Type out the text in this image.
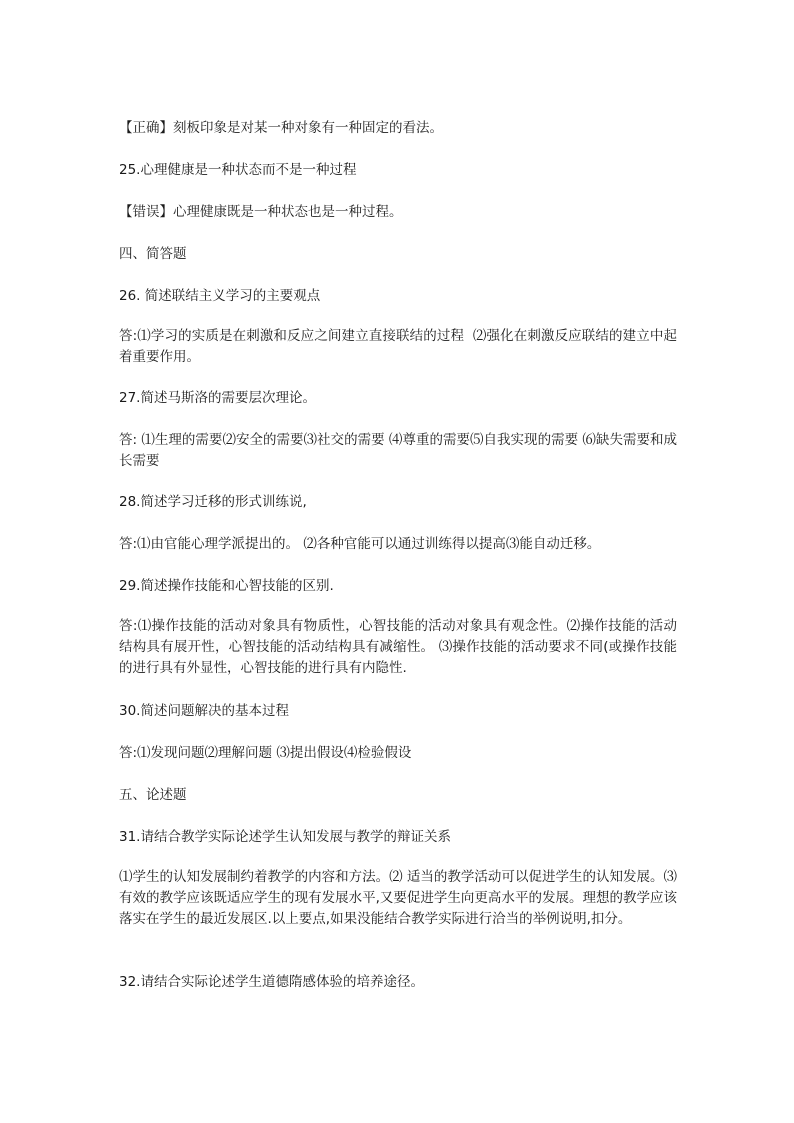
【正确】刻板印象是对某一种对象有一种固定的看法。

25.心理健康是一种状态而不是一种过程

【错误】心理健康既是一种状态也是一种过程。

四、简答题

26. 简述联结主义学习的主要观点

答:⑴学习的实质是在刺激和反应之间建立直接联结的过程  ⑵强化在刺激反应联结的建立中起着重要作用。

27.简述马斯洛的需要层次理论。

答: ⑴生理的需要⑵安全的需要⑶社交的需要 ⑷尊重的需要⑸自我实现的需要 ⑹缺失需要和成长需要

28.简述学习迁移的形式训练说,

答:⑴由官能心理学派提出的。 ⑵各种官能可以通过训练得以提高⑶能自动迁移。

29.简述操作技能和心智技能的区别.

答:⑴操作技能的活动对象具有物质性，心智技能的活动对象具有观念性。⑵操作技能的活动结构具有展开性，心智技能的活动结构具有减缩性。 ⑶操作技能的活动要求不同(或操作技能的进行具有外显性，心智技能的进行具有内隐性.

30.简述问题解决的基本过程

答:⑴发现问题⑵理解问题 ⑶提出假设⑷检验假设

五、论述题

31.请结合教学实际论述学生认知发展与教学的辩证关系

⑴学生的认知发展制约着教学的内容和方法。⑵ 适当的教学活动可以促进学生的认知发展。⑶有效的教学应该既适应学生的现有发展水平,又要促进学生向更高水平的发展。理想的教学应该落实在学生的最近发展区.以上要点,如果没能结合教学实际进行洽当的举例说明,扣分。

32.请结合实际论述学生道德隋感体验的培养途径。
